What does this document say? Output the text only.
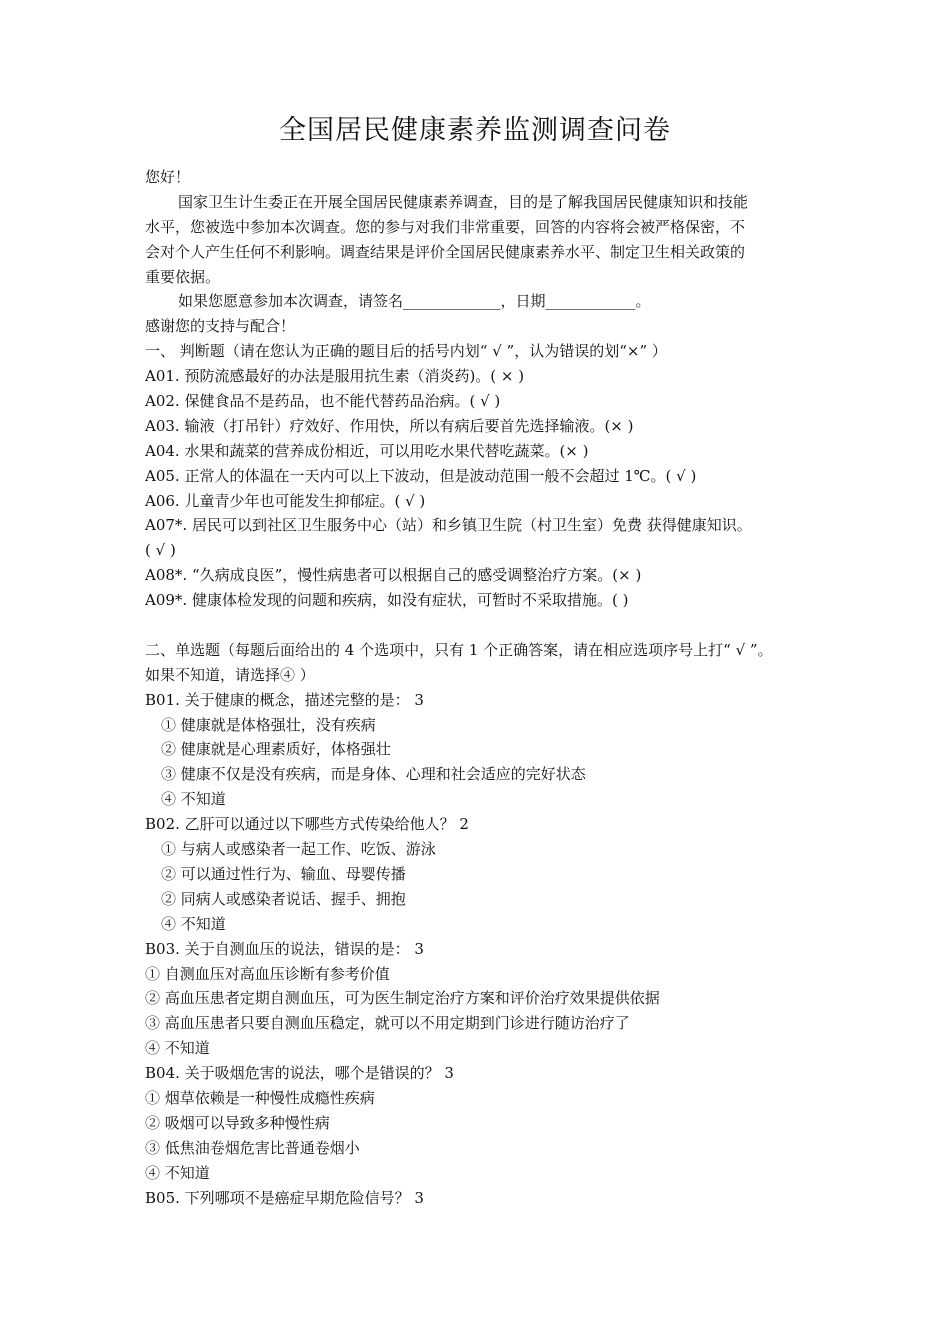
全国居民健康素养监测调查问卷
您好！
国家卫生计生委正在开展全国居民健康素养调查，目的是了解我国居民健康知识和技能
水平，您被选中参加本次调查。您的参与对我们非常重要，回答的内容将会被严格保密，不
会对个人产生任何不利影响。调查结果是评价全国居民健康素养水平、制定卫生相关政策的
重要依据。
如果您愿意参加本次调查，请签名_____________，日期____________。
感谢您的支持与配合！
一、 判断题（请在您认为正确的题目后的括号内划“ √ ”，认为错误的划“×” ）
A01. 预防流感最好的办法是服用抗生素（消炎药)。( × )
A02. 保健食品不是药品，也不能代替药品治病。( √ )
A03. 输液（打吊针）疗效好、作用快，所以有病后要首先选择输液。(× )
A04. 水果和蔬菜的营养成份相近，可以用吃水果代替吃蔬菜。(× )
A05. 正常人的体温在一天内可以上下波动，但是波动范围一般不会超过 1℃。( √ )
A06. 儿童青少年也可能发生抑郁症。( √ )
A07*. 居民可以到社区卫生服务中心（站）和乡镇卫生院（村卫生室）免费 获得健康知识。
( √ )
A08*. “久病成良医”，慢性病患者可以根据自己的感受调整治疗方案。(× )
A09*. 健康体检发现的问题和疾病，如没有症状，可暂时不采取措施。( )
二、单选题（每题后面给出的 4 个选项中，只有 1 个正确答案，请在相应选项序号上打“ √ ”。
如果不知道，请选择④ ）
B01. 关于健康的概念，描述完整的是： 3
① 健康就是体格强壮，没有疾病
② 健康就是心理素质好，体格强壮
③ 健康不仅是没有疾病，而是身体、心理和社会适应的完好状态
④ 不知道
B02. 乙肝可以通过以下哪些方式传染给他人？ 2
① 与病人或感染者一起工作、吃饭、游泳
② 可以通过性行为、输血、母婴传播
② 同病人或感染者说话、握手、拥抱
④ 不知道
B03. 关于自测血压的说法，错误的是： 3
① 自测血压对高血压诊断有参考价值
② 高血压患者定期自测血压，可为医生制定治疗方案和评价治疗效果提供依据
③ 高血压患者只要自测血压稳定，就可以不用定期到门诊进行随访治疗了
④ 不知道
B04. 关于吸烟危害的说法，哪个是错误的？ 3
① 烟草依赖是一种慢性成瘾性疾病
② 吸烟可以导致多种慢性病
③ 低焦油卷烟危害比普通卷烟小
④ 不知道
B05. 下列哪项不是癌症早期危险信号？ 3
